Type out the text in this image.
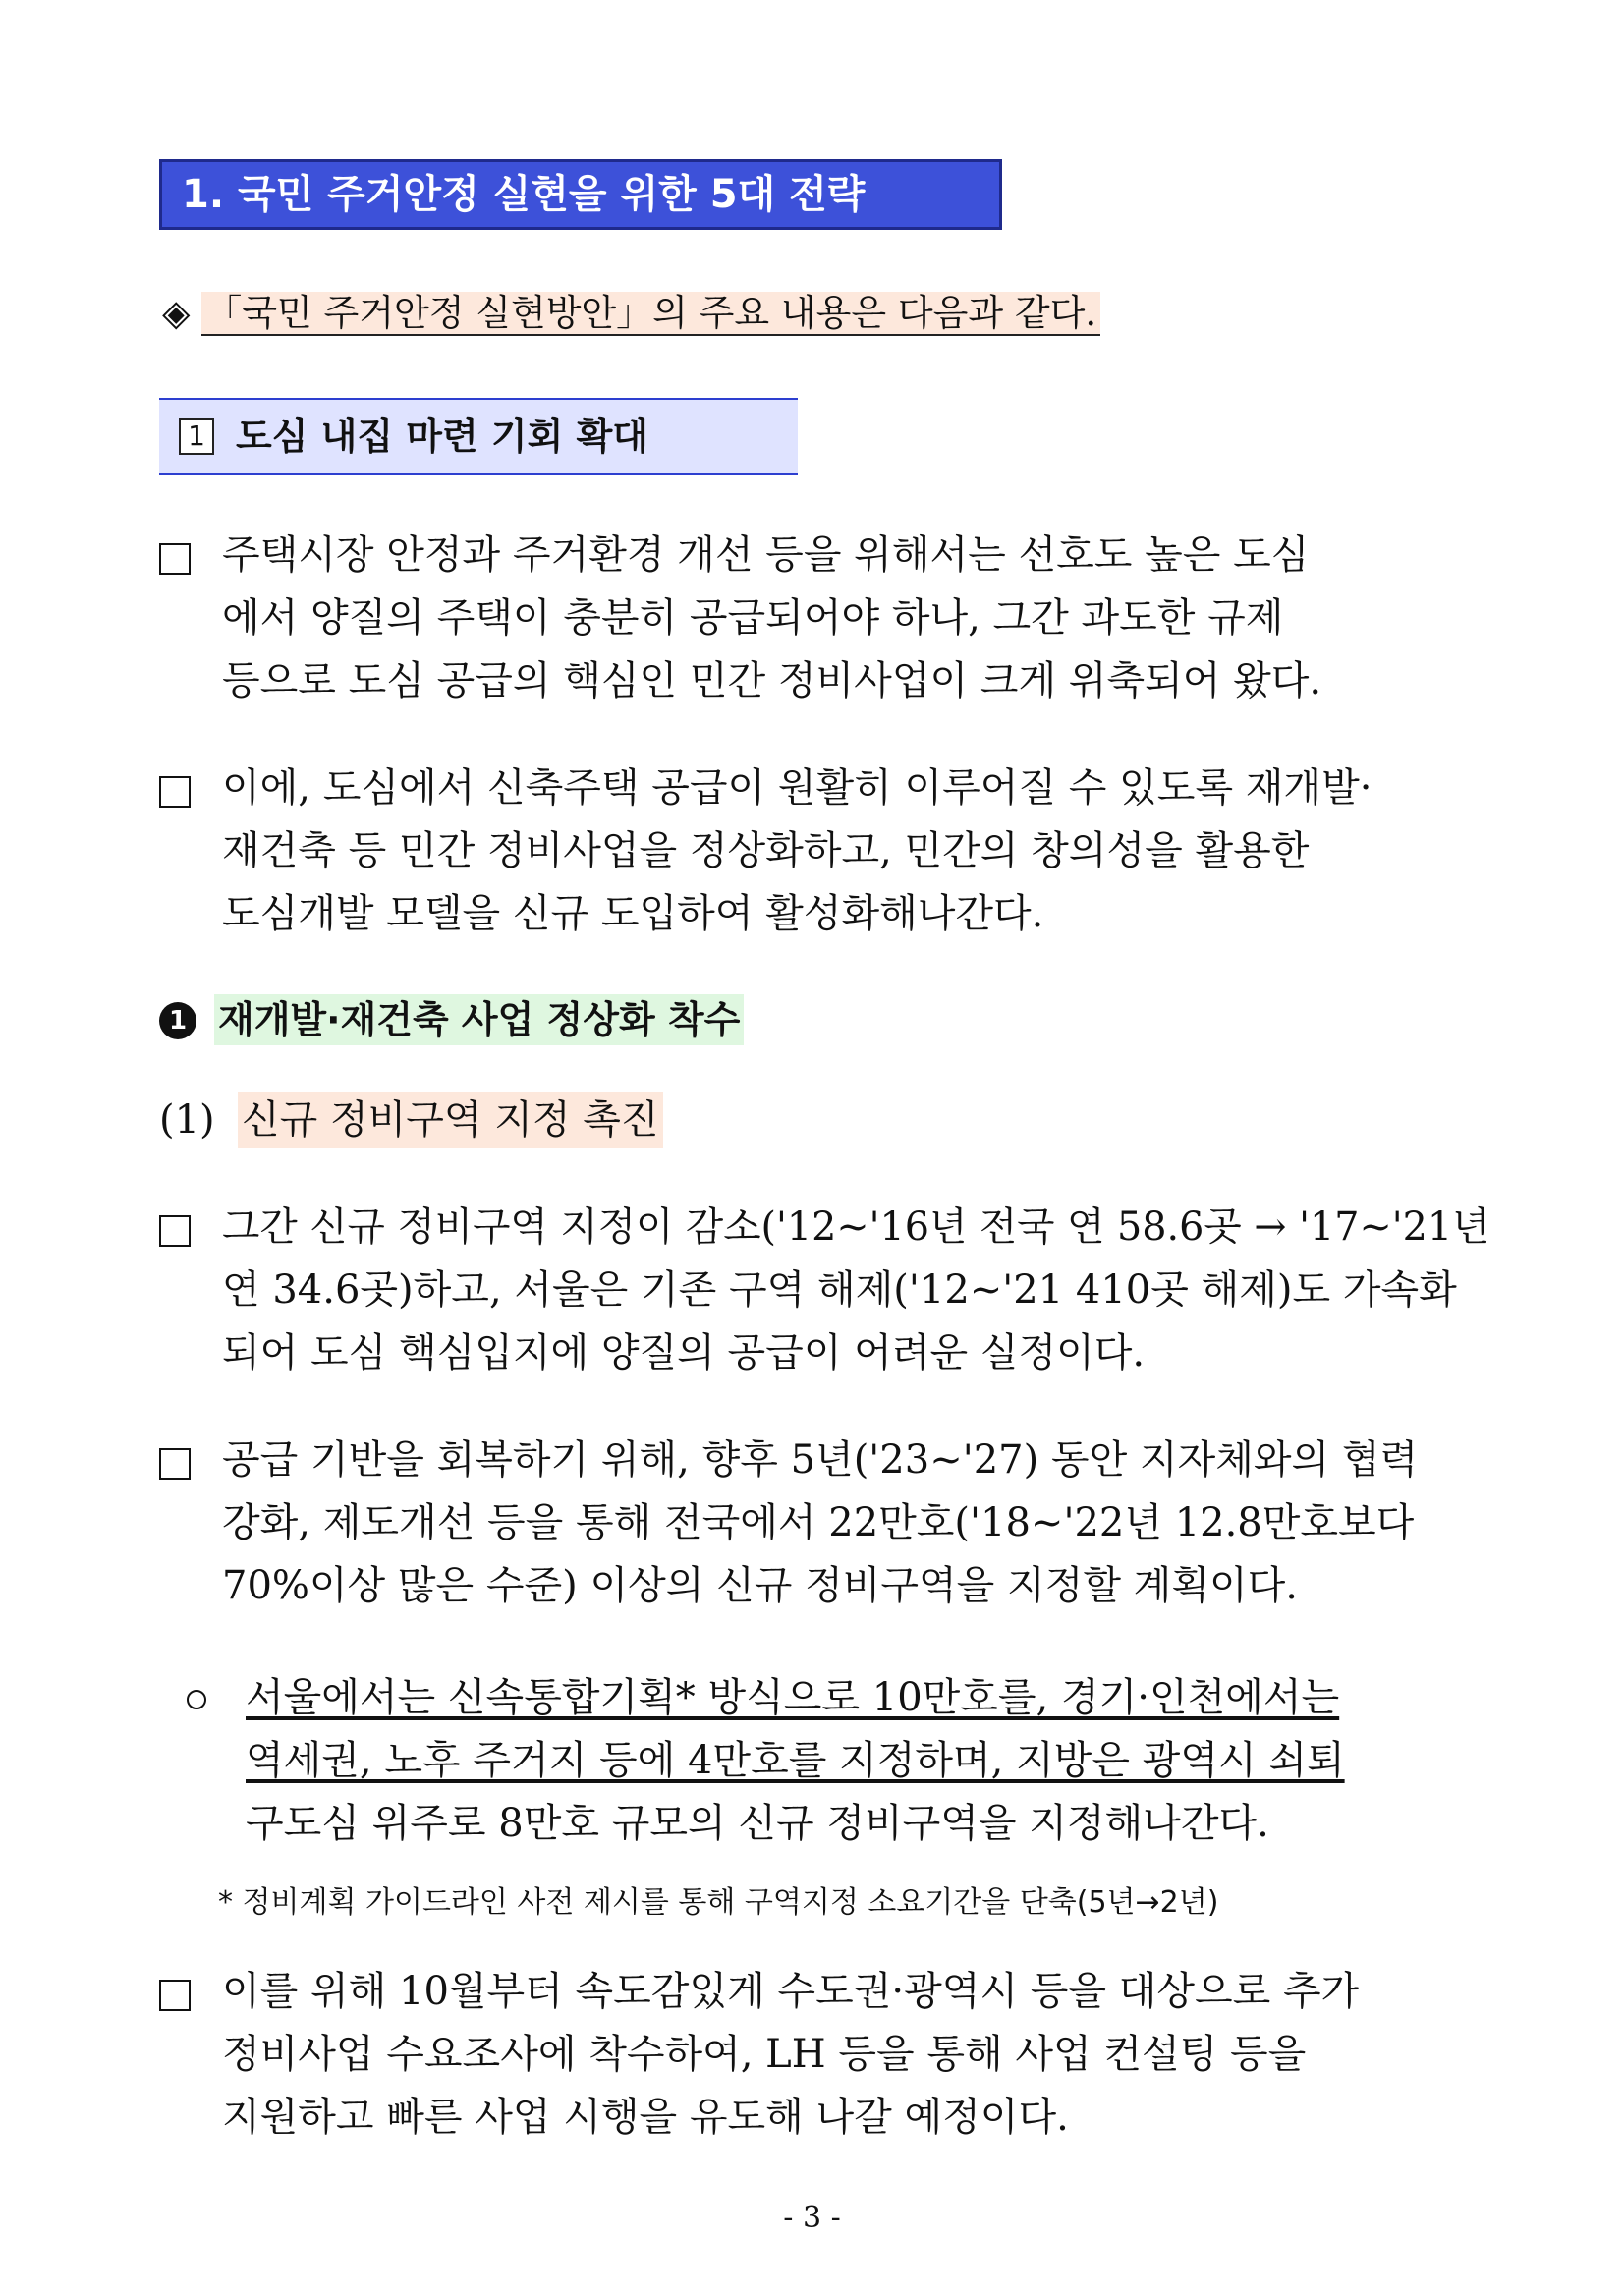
1. 국민 주거안정 실현을 위한 5대 전략
◈ 「국민 주거안정 실현방안」의 주요 내용은 다음과 같다.
1 도심 내집 마련 기회 확대
주택시장 안정과 주거환경 개선 등을 위해서는 선호도 높은 도심
에서 양질의 주택이 충분히 공급되어야 하나, 그간 과도한 규제
등으로 도심 공급의 핵심인 민간 정비사업이 크게 위축되어 왔다.
이에, 도심에서 신축주택 공급이 원활히 이루어질 수 있도록 재개발·
재건축 등 민간 정비사업을 정상화하고, 민간의 창의성을 활용한
도심개발 모델을 신규 도입하여 활성화해나간다.
1 재개발·재건축 사업 정상화 착수
(1) 신규 정비구역 지정 촉진
그간 신규 정비구역 지정이 감소('12~'16년 전국 연 58.6곳 → '17~'21년
연 34.6곳)하고, 서울은 기존 구역 해제('12~'21 410곳 해제)도 가속화
되어 도심 핵심입지에 양질의 공급이 어려운 실정이다.
공급 기반을 회복하기 위해, 향후 5년('23~'27) 동안 지자체와의 협력
강화, 제도개선 등을 통해 전국에서 22만호('18~'22년 12.8만호보다
70%이상 많은 수준) 이상의 신규 정비구역을 지정할 계획이다.
서울에서는 신속통합기획* 방식으로 10만호를, 경기·인천에서는
역세권, 노후 주거지 등에 4만호를 지정하며, 지방은 광역시 쇠퇴
구도심 위주로 8만호 규모의 신규 정비구역을 지정해나간다.
* 정비계획 가이드라인 사전 제시를 통해 구역지정 소요기간을 단축(5년→2년)
이를 위해 10월부터 속도감있게 수도권·광역시 등을 대상으로 추가
정비사업 수요조사에 착수하여, LH 등을 통해 사업 컨설팅 등을
지원하고 빠른 사업 시행을 유도해 나갈 예정이다.
- 3 -
